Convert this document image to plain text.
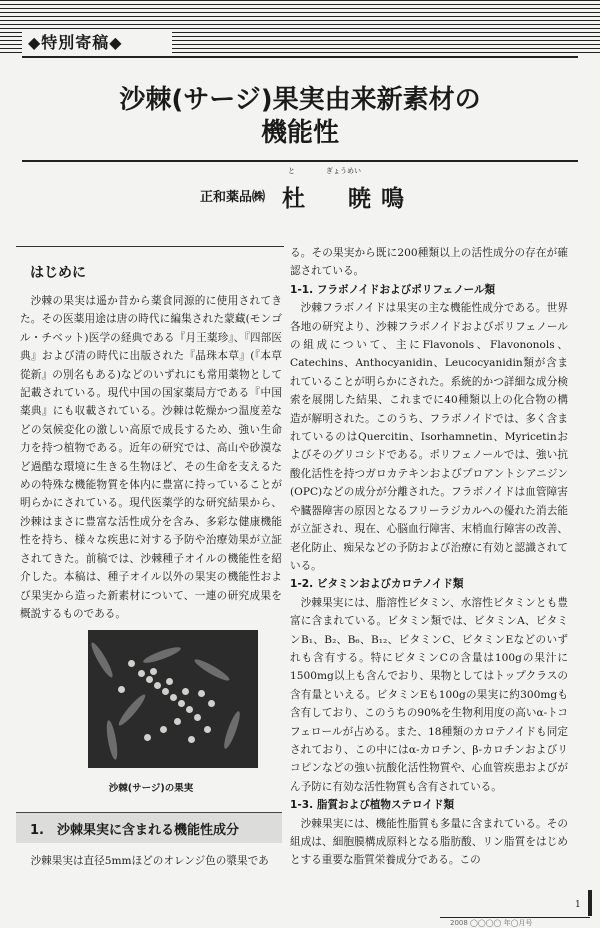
◆特別寄稿◆
沙棘(サージ)果実由来新素材の
機能性
正和薬品㈱
と	ぎょうめい
杜　暁鳴
はじめに

沙棘の果実は遥か昔から薬食同源的に使用されてきた。その医薬用途は唐の時代に編集された蒙藏(モンゴル・チベット)医学の経典である『月王薬珍』、『四部医典』および清の時代に出版された『晶珠本草』(『本草從新』の別名もある)などのいずれにも常用薬物として記載されている。現代中国の国家薬局方である『中国薬典』にも収載されている。沙棘は乾燥かつ温度差などの気候変化の激しい高原で成長するため、強い生命力を持つ植物である。近年の研究では、高山や砂漠など過酷な環境に生きる生物ほど、その生命を支えるための特殊な機能物質を体内に豊富に持っていることが明らかにされている。現代医薬学的な研究結果から、沙棘はまさに豊富な活性成分を含み、多彩な健康機能性を持ち、様々な疾患に対する予防や治療効果が立証されてきた。前稿では、沙棘種子オイルの機能性を紹介した。本稿は、種子オイル以外の果実の機能性および果実から造った新素材について、一連の研究成果を概説するものである。

沙棘(サージ)の果実
1.　沙棘果実に含まれる機能性成分

沙棘果実は直径5mmほどのオレンジ色の漿果であ

る。その果実から既に200種類以上の活性成分の存在が確認されている。

1-1. フラボノイドおよびポリフェノール類

沙棘フラボノイドは果実の主な機能性成分である。世界各地の研究より、沙棘フラボノイドおよびポリフェノールの組成について、主にFlavonols、Flavononols、Catechins、Anthocyanidin、Leucocyanidin類が含まれていることが明らかにされた。系統的かつ詳細な成分検索を展開した結果、これまでに40種類以上の化合物の構造が解明された。このうち、フラボノイドでは、多く含まれているのはQuercitin、Isorhamnetin、Myricetinおよびそのグリコシドである。ポリフェノールでは、強い抗酸化活性を持つガロカテキンおよびプロアントシアニジン(OPC)などの成分が分離された。フラボノイドは血管障害や臓器障害の原因となるフリーラジカルへの優れた消去能が立証され、現在、心脳血行障害、末梢血行障害の改善、老化防止、痴呆などの予防および治療に有効と認識されている。

1-2. ビタミンおよびカロテノイド類

沙棘果実には、脂溶性ビタミン、水溶性ビタミンとも豊富に含まれている。ビタミン類では、ビタミンA、ビタミンB₁、B₂、B₆、B₁₂、ビタミンC、ビタミンEなどのいずれも含有する。特にビタミンCの含量は100gの果汁に1500mg以上も含んでおり、果物としてはトップクラスの含有量といえる。ビタミンEも100gの果実に約300mgも含有しており、このうちの90%を生物利用度の高いα-トコフェロールが占める。また、18種類のカロテノイドも同定されており、この中にはα-カロチン、β-カロチンおよびリコピンなどの強い抗酸化活性物質や、心血管疾患およびがん予防に有効な活性物質も含有されている。

1-3. 脂質および植物ステロイド類

沙棘果実には、機能性脂質も多量に含まれている。その組成は、細胞膜構成原料となる脂肪酸、リン脂質をはじめとする重要な脂質栄養成分である。この

1
2008 ◯◯◯◯ 年◯月号
